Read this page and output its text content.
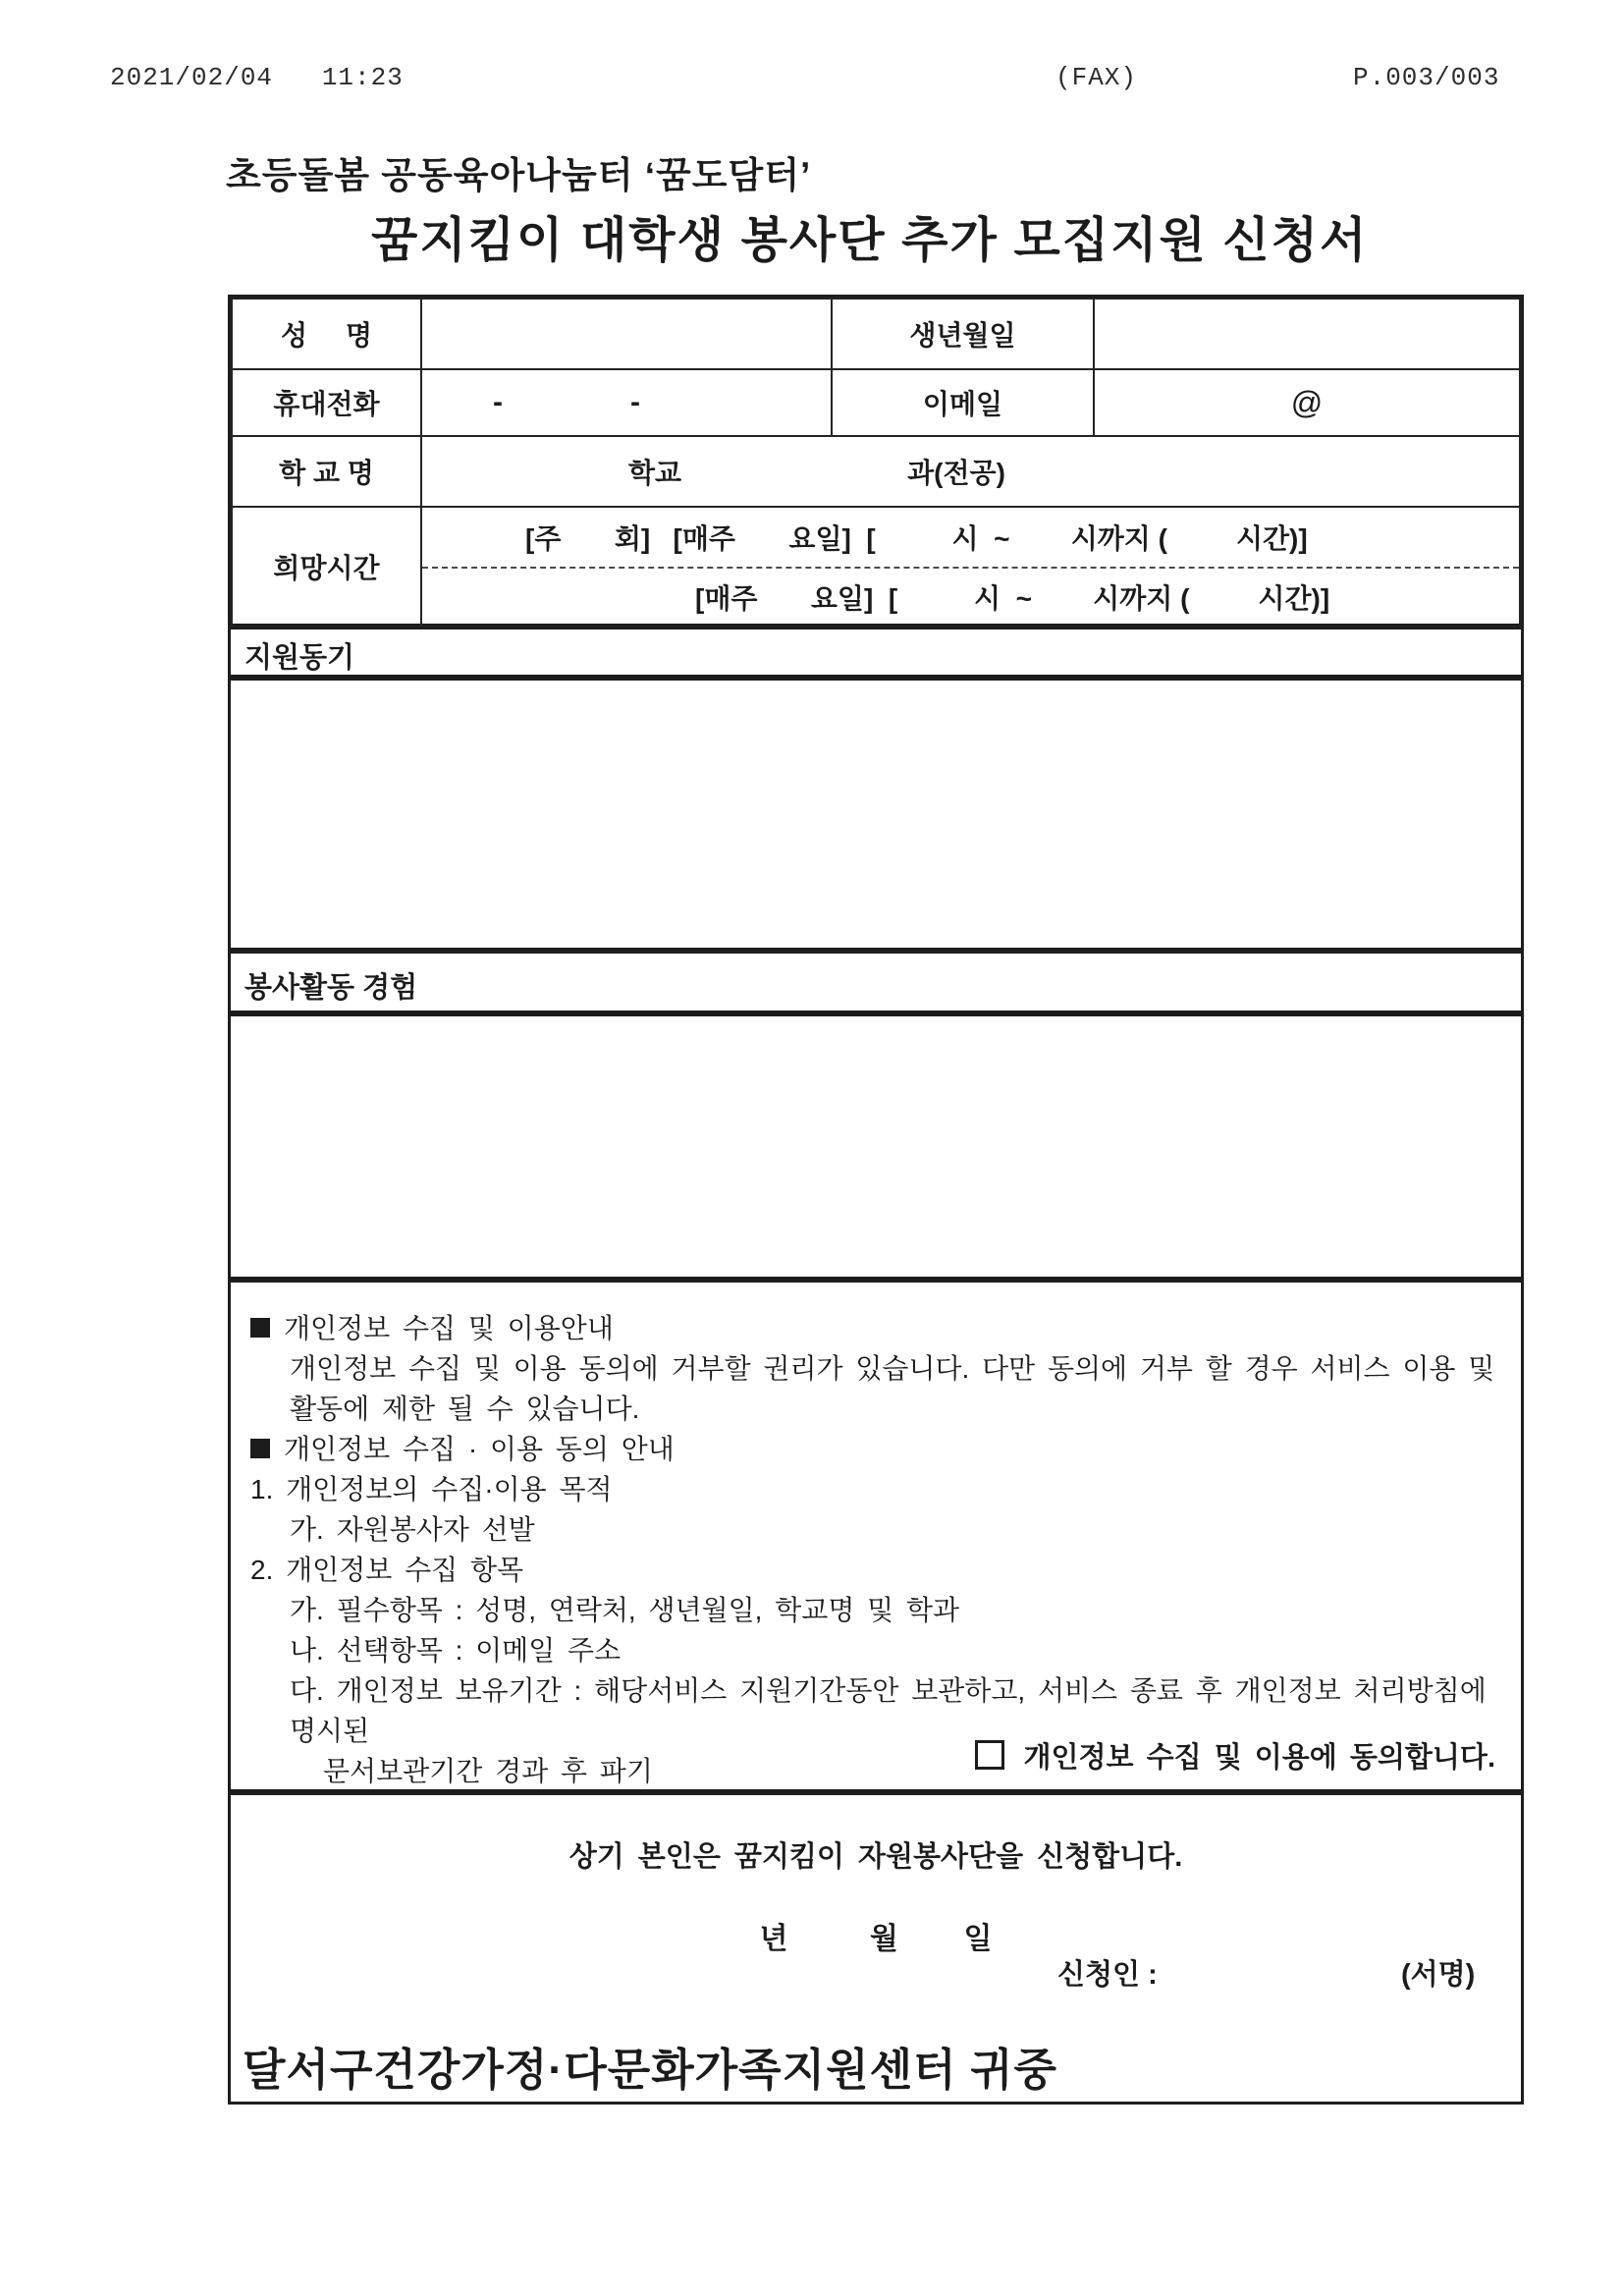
2021/02/04   11:23	(FAX)	P.003/003
초등돌봄 공동육아나눔터 ‘꿈도담터’
꿈지킴이 대학생 봉사단 추가 모집지원 신청서
성     명		생년월일	
휴대전화	- -	이메일	@
학 교 명	학교 과(전공)		

희망시간	[주       회]   [매주       요일]  [          시  ~        시까지 (         시간)]
[매주       요일]  [          시  ~        시까지 (         시간)]		
지원동기
봉사활동 경험
개인정보 수집 및 이용안내
개인정보 수집 및 이용 동의에 거부할 권리가 있습니다. 다만 동의에 거부 할 경우 서비스 이용 및
활동에 제한 될 수 있습니다.
개인정보 수집 · 이용 동의 안내
1. 개인정보의 수집·이용 목적
가. 자원봉사자 선발
2. 개인정보 수집 항목
가. 필수항목 : 성명, 연락처, 생년월일, 학교명 및 학과
나. 선택항목 : 이메일 주소
다. 개인정보 보유기간 : 해당서비스 지원기간동안 보관하고, 서비스 종료 후 개인정보 처리방침에 명시된
문서보관기간 경과 후 파기	개인정보 수집 및 이용에 동의합니다.
상기 본인은 꿈지킴이 자원봉사단을 신청합니다.
년          월        일
신청인 :	(서명)
달서구건강가정·다문화가족지원센터 귀중
